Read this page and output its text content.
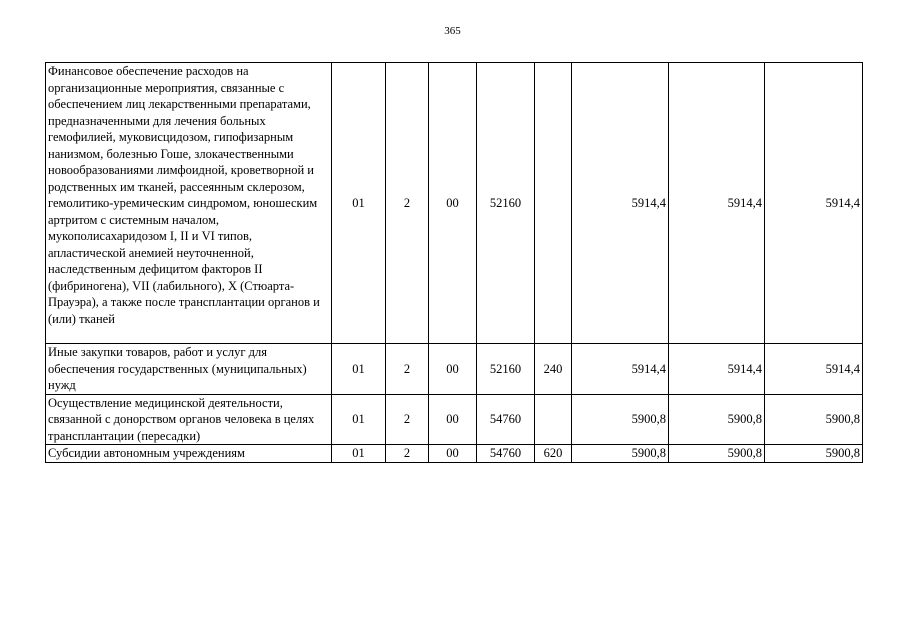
365
Финансовое обеспечение расходов на организационные мероприятия, связанные с обеспечением лиц лекарственными препаратами, предназначенными для лечения больных гемофилией, муковисцидозом, гипофизарным нанизмом, болезнью Гоше, злокачественными новообразованиями лимфоидной, кроветворной и родственных им тканей, рассеянным склерозом, гемолитико-уремическим синдромом, юношеским артритом с системным началом, мукополисахаридозом I, II и VI типов, апластической анемией неуточненной, наследственным дефицитом факторов II (фибриногена), VII (лабильного), X (Стюарта-Прауэра), а также после трансплантации органов и (или) тканей	01	2	00	52160		5914,4	5914,4	5914,4
Иные закупки товаров, работ и услуг для обеспечения государственных (муниципальных) нужд	01	2	00	52160	240	5914,4	5914,4	5914,4
Осуществление медицинской деятельности, связанной с донорством органов человека в целях трансплантации (пересадки)	01	2	00	54760		5900,8	5900,8	5900,8
Субсидии автономным учреждениям	01	2	00	54760	620	5900,8	5900,8	5900,8
